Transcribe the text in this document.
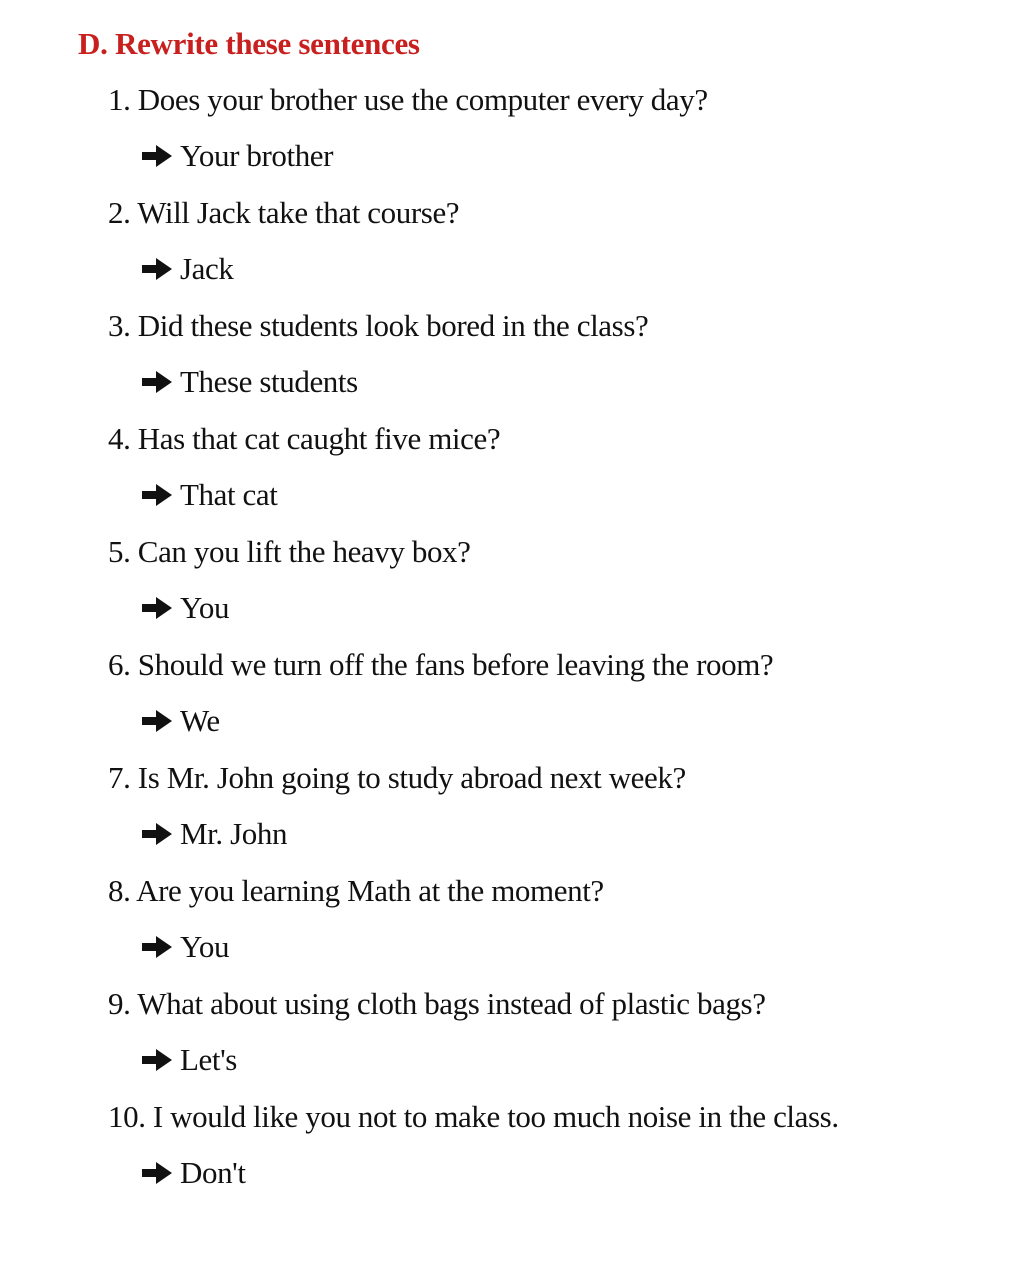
D. Rewrite these sentences
1. Does your brother use the computer every day?
Your brother
2. Will Jack take that course?
Jack
3. Did these students look bored in the class?
These students
4. Has that cat caught five mice?
That cat
5. Can you lift the heavy box?
You
6. Should we turn off the fans before leaving the room?
We
7. Is Mr. John going to study abroad next week?
Mr. John
8. Are you learning Math at the moment?
You
9. What about using cloth bags instead of plastic bags?
Let's
10. I would like you not to make too much noise in the class.
Don't
